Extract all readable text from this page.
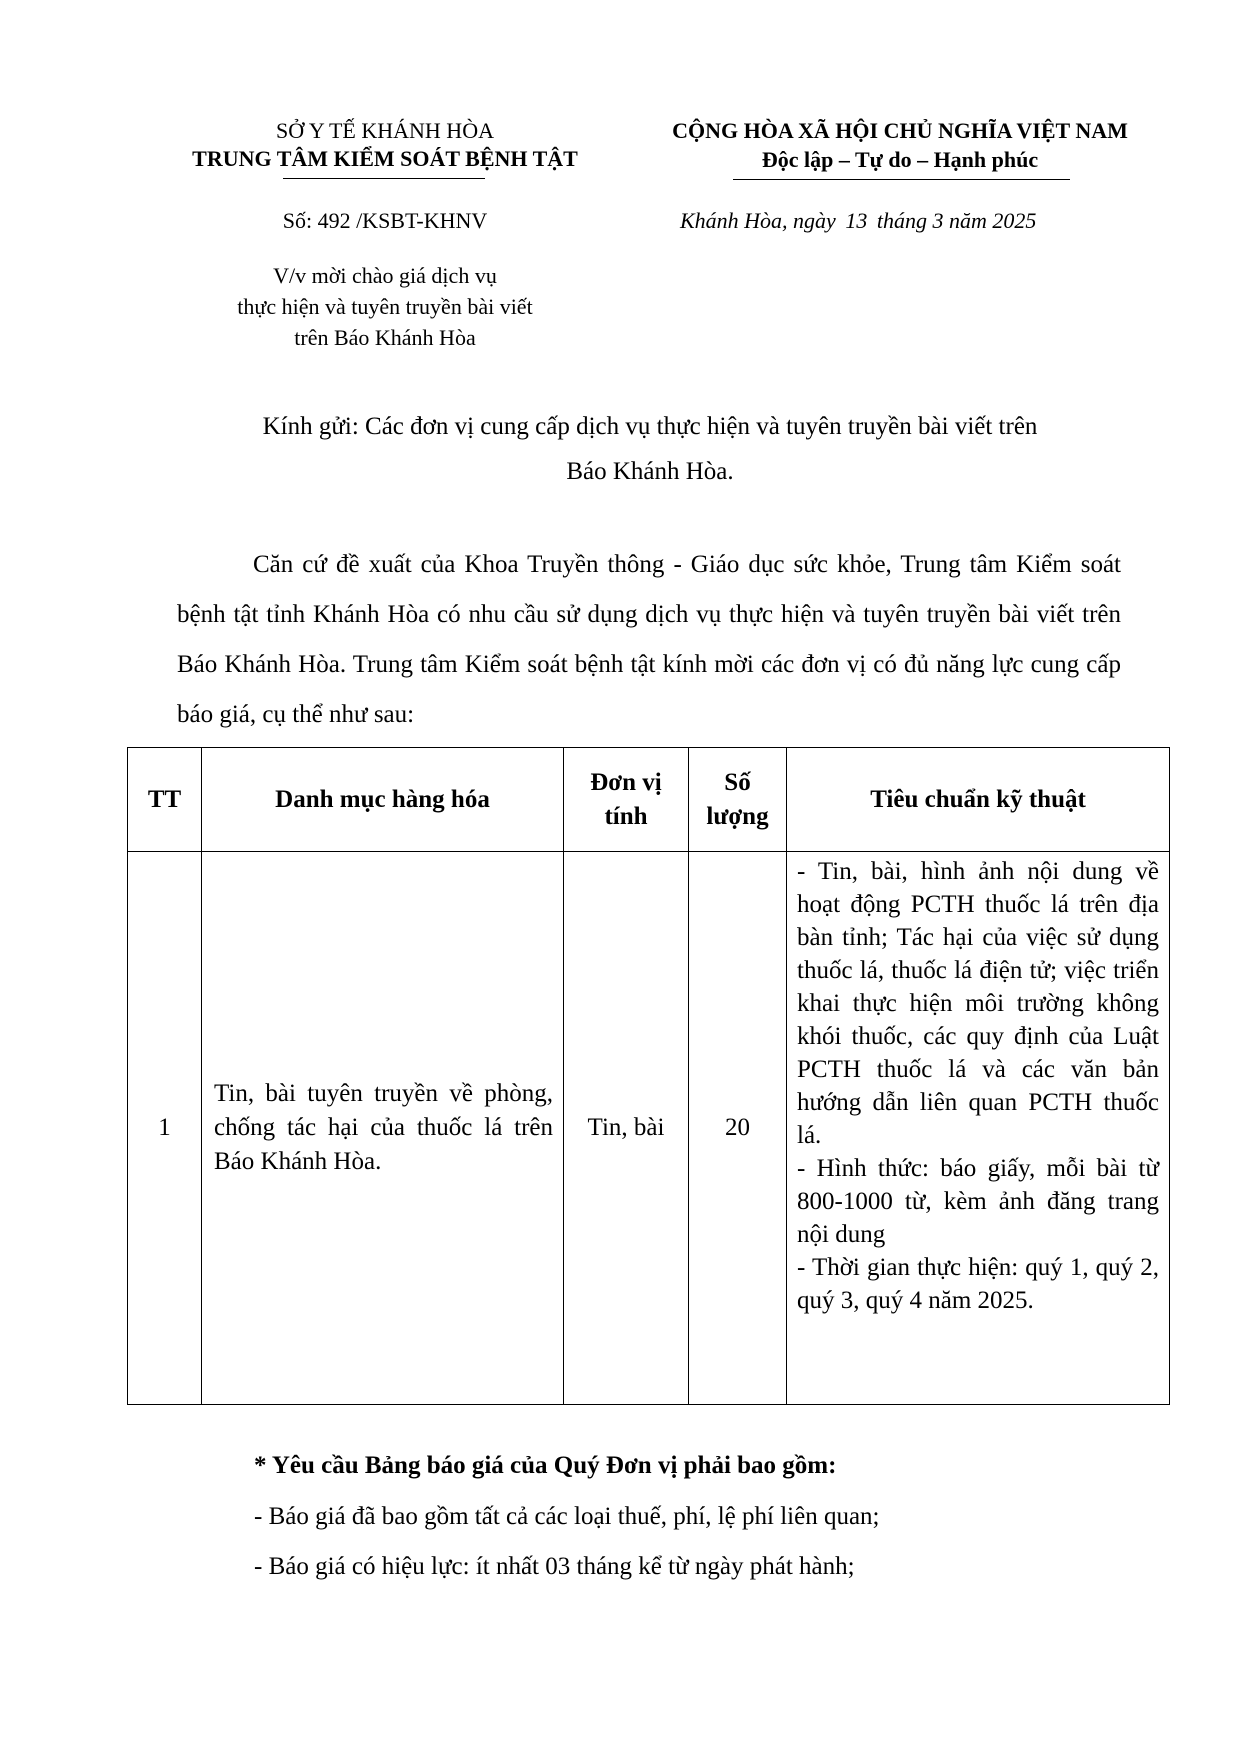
SỞ Y TẾ KHÁNH HÒA
TRUNG TÂM KIỂM SOÁT BỆNH TẬT
Số: 492 /KSBT-KHNV
V/v mời chào giá dịch vụ
thực hiện và tuyên truyền bài viết
trên Báo Khánh Hòa
CỘNG HÒA XÃ HỘI CHỦ NGHĨA VIỆT NAM
Độc lập – Tự do – Hạnh phúc
Khánh Hòa, ngày 13 tháng 3 năm 2025
Kính gửi: Các đơn vị cung cấp dịch vụ thực hiện và tuyên truyền bài viết trên
Báo Khánh Hòa.
Căn cứ đề xuất của Khoa Truyền thông - Giáo dục sức khỏe, Trung tâm Kiểm soát bệnh tật tỉnh Khánh Hòa có nhu cầu sử dụng dịch vụ thực hiện và tuyên truyền bài viết trên Báo Khánh Hòa. Trung tâm Kiểm soát bệnh tật kính mời các đơn vị có đủ năng lực cung cấp báo giá, cụ thể như sau:
TT	Danh mục hàng hóa
Đơn vị tính
Số lượng
Tiêu chuẩn kỹ thuật
1
Tin, bài tuyên truyền về phòng, chống tác hại của thuốc lá trên Báo Khánh Hòa.
Tin, bài	20
- Tin, bài, hình ảnh nội dung về hoạt động PCTH thuốc lá trên địa bàn tỉnh; Tác hại của việc sử dụng thuốc lá, thuốc lá điện tử; việc triển khai thực hiện môi trường không khói thuốc, các quy định của Luật PCTH thuốc lá và các văn bản hướng dẫn liên quan PCTH thuốc lá.
- Hình thức: báo giấy, mỗi bài từ 800-1000 từ, kèm ảnh đăng trang nội dung
- Thời gian thực hiện: quý 1, quý 2, quý 3, quý 4 năm 2025.
* Yêu cầu Bảng báo giá của Quý Đơn vị phải bao gồm:
- Báo giá đã bao gồm tất cả các loại thuế, phí, lệ phí liên quan;
- Báo giá có hiệu lực: ít nhất 03 tháng kể từ ngày phát hành;
